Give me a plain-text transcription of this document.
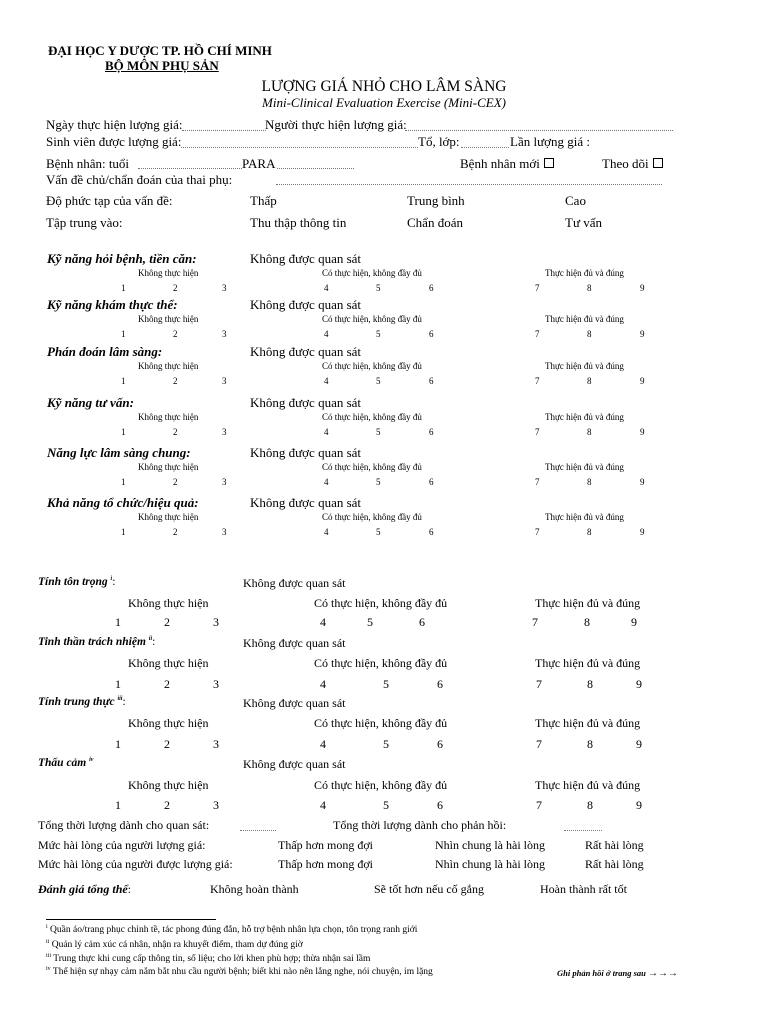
ĐẠI HỌC Y DƯỢC TP. HỒ CHÍ MINH
BỘ MÔN PHỤ SẢN
LƯỢNG GIÁ NHỎ CHO LÂM SÀNG
Mini-Clinical Evaluation Exercise (Mini-CEX)
Ngày thực hiện lượng giá:	Người thực hiện lượng giá:
Sinh viên được lượng giá:	Tổ, lớp:	Lần lượng giá :
Bệnh nhân: tuổi	PARA	Bệnh nhân mới	Theo dõi
Vấn đề chủ/chẩn đoán của thai phụ:
Độ phức tạp của vấn đề:	Thấp	Trung bình	Cao
Tập trung vào:	Thu thập thông tin	Chẩn đoán	Tư vấn
Kỹ năng hỏi bệnh, tiền căn:	Không được quan sát
Không thực hiện	Có thực hiện, không đầy đủ	Thực hiện đủ và đúng
1	2	3	4	5	6	7	8	9
Kỹ năng khám thực thể:	Không được quan sát
Không thực hiện	Có thực hiện, không đầy đủ	Thực hiện đủ và đúng
1	2	3	4	5	6	7	8	9
Phán đoán lâm sàng:	Không được quan sát
Không thực hiện	Có thực hiện, không đầy đủ	Thực hiện đủ và đúng
1	2	3	4	5	6	7	8	9
Kỹ năng tư vấn:	Không được quan sát
Không thực hiện	Có thực hiện, không đầy đủ	Thực hiện đủ và đúng
1	2	3	4	5	6	7	8	9
Năng lực lâm sàng chung:	Không được quan sát
Không thực hiện	Có thực hiện, không đầy đủ	Thực hiện đủ và đúng
1	2	3	4	5	6	7	8	9
Khả năng tổ chức/hiệu quả:	Không được quan sát
Không thực hiện	Có thực hiện, không đầy đủ	Thực hiện đủ và đúng
1	2	3	4	5	6	7	8	9
Tính tôn trọng $^i$:	Không được quan sát
Không thực hiện	Có thực hiện, không đầy đủ	Thực hiện đủ và đúng
1	2	3	4	5	6	7	8	9
Tinh thần trách nhiệm $^{ii}$:	Không được quan sát
Không thực hiện	Có thực hiện, không đầy đủ	Thực hiện đủ và đúng
1	2	3	4	5	6	7	8	9
Tính trung thực $^{iii}$:	Không được quan sát
Không thực hiện	Có thực hiện, không đầy đủ	Thực hiện đủ và đúng
1	2	3	4	5	6	7	8	9
Thấu cảm $^{iv}$	Không được quan sát
Không thực hiện	Có thực hiện, không đầy đủ	Thực hiện đủ và đúng
1	2	3	4	5	6	7	8	9
Tổng thời lượng dành cho quan sát:	Tổng thời lượng dành cho phản hồi:
Mức hài lòng của người lượng giá:	Thấp hơn mong đợi	Nhìn chung là hài lòng	Rất hài lòng
Mức hài lòng của người được lượng giá:	Thấp hơn mong đợi	Nhìn chung là hài lòng	Rất hài lòng
Đánh giá tổng thể:	Không hoàn thành	Sẽ tốt hơn nếu cố gắng	Hoàn thành rất tốt
$^i$ Quần áo/trang phục chỉnh tề, tác phong đúng đắn, hỗ trợ bệnh nhân lựa chọn, tôn trọng ranh giới
$^{ii}$ Quản lý cảm xúc cá nhân, nhận ra khuyết điểm, tham dự đúng giờ
$^{iii}$ Trung thực khi cung cấp thông tin, số liệu; cho lời khen phù hợp; thừa nhận sai lầm
$^{iv}$ Thể hiện sự nhạy cảm nắm bắt nhu cầu người bệnh; biết khi nào nên lắng nghe, nói chuyện, im lặng	Ghi phản hồi ở trang sau →→→
